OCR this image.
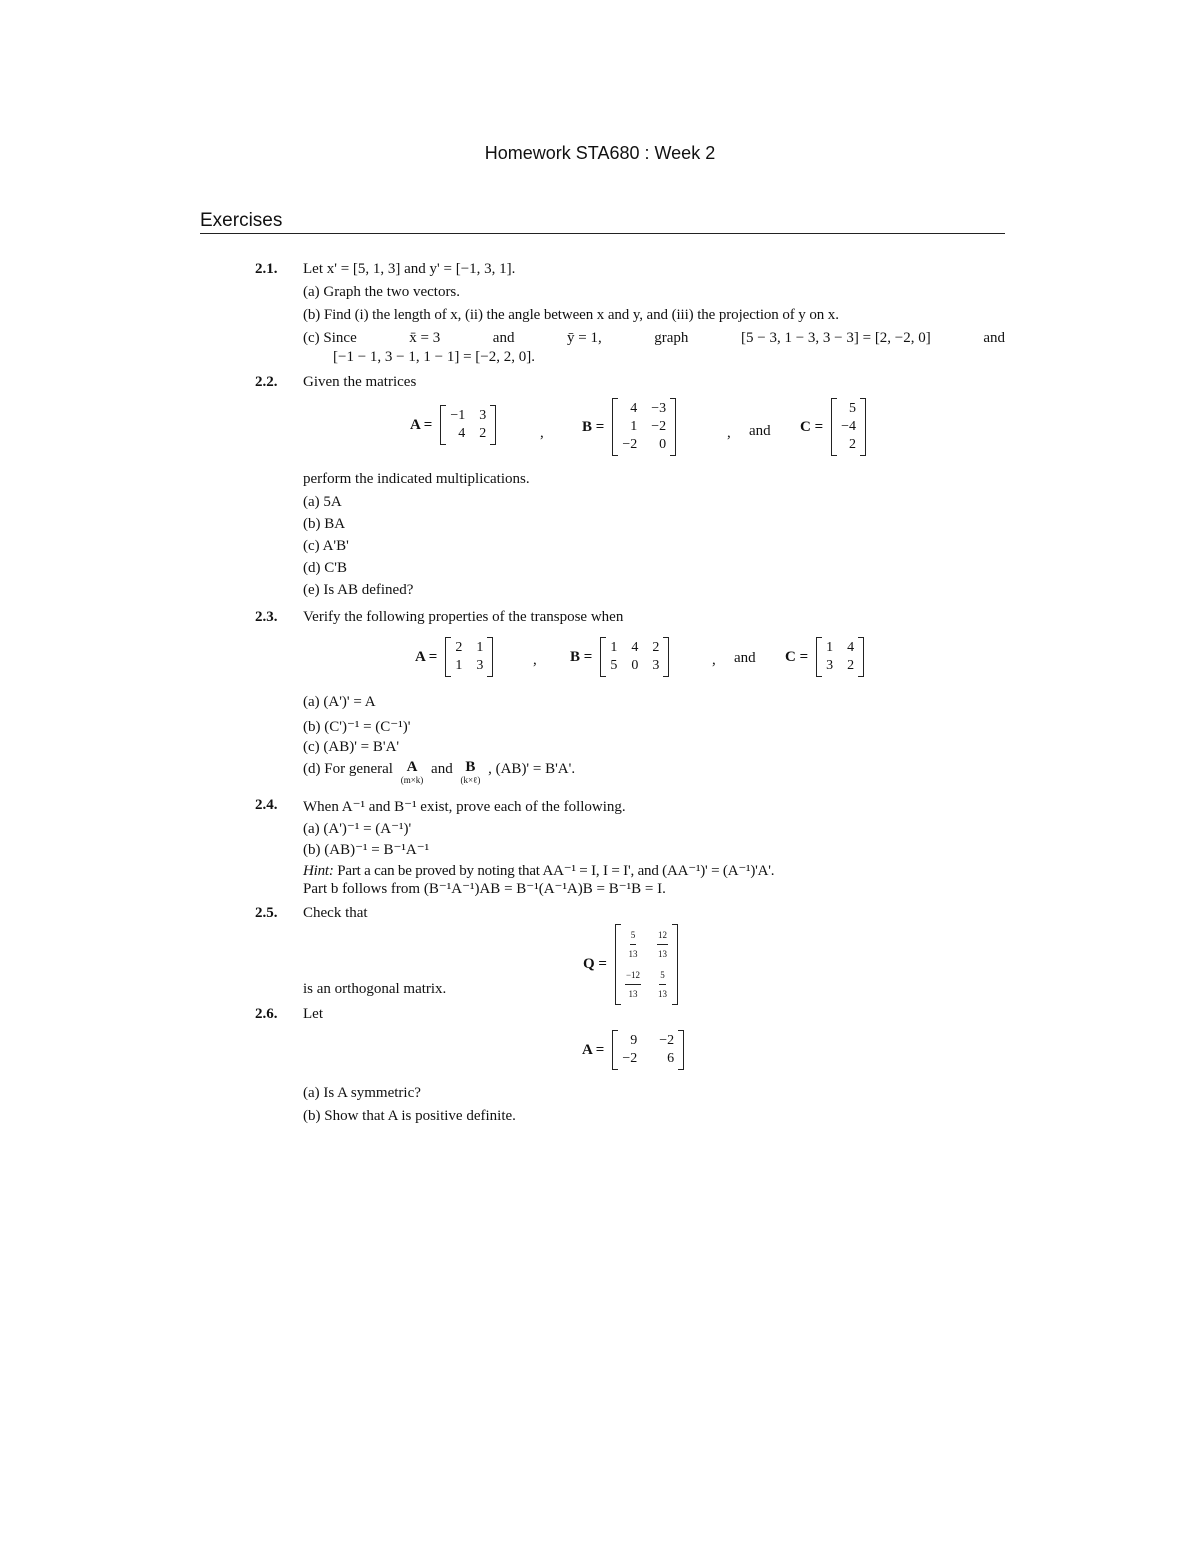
Homework STA680 : Week 2
Exercises
2.1. Let x' = [5, 1, 3] and y' = [−1, 3, 1].
(a) Graph the two vectors.
(b) Find (i) the length of x, (ii) the angle between x and y, and (iii) the projection of y on x.
(c) Since	x̄ = 3	and	ȳ = 1,	graph	[5 − 3, 1 − 3, 3 − 3] = [2, −2, 0]	and
[−1 − 1, 3 − 1, 1 − 1] = [−2, 2, 0].
2.2. Given the matrices
A =
−1 3
4 2	,	B =
4 −3
1 −2
−2	0
, and C =
5
−4
2
perform the indicated multiplications.
(a) 5A
(b) BA
(c) A'B'
(d) C'B
(e) Is AB defined?
2.3. Verify the following properties of the transpose when
A =
2 1
1 3	, B =
1 4 2
5 0 3	, and C =
1 4
3 2
(a) (A')' = A
(b) (C')⁻¹ = (C⁻¹)'
(c) (AB)' = B'A'
(d) For general A
(m×k)
and B
(k×ℓ)
, (AB)' = B'A'.
2.4. When A⁻¹ and B⁻¹ exist, prove each of the following.
(a) (A')⁻¹ = (A⁻¹)'
(b) (AB)⁻¹ = B⁻¹A⁻¹
Hint: Part a can be proved by noting that AA⁻¹ = I, I = I', and (AA⁻¹)' = (A⁻¹)'A'.
Part b follows from (B⁻¹A⁻¹)AB = B⁻¹(A⁻¹A)B = B⁻¹B = I.
2.5. Check that
Q =
$\frac{5}{13} \frac{12}{13}$
$\frac{-12}{13} \frac{5}{13}$
is an orthogonal matrix.
2.6. Let
A =
9 −2
−2	6
(a) Is A symmetric?
(b) Show that A is positive definite.
